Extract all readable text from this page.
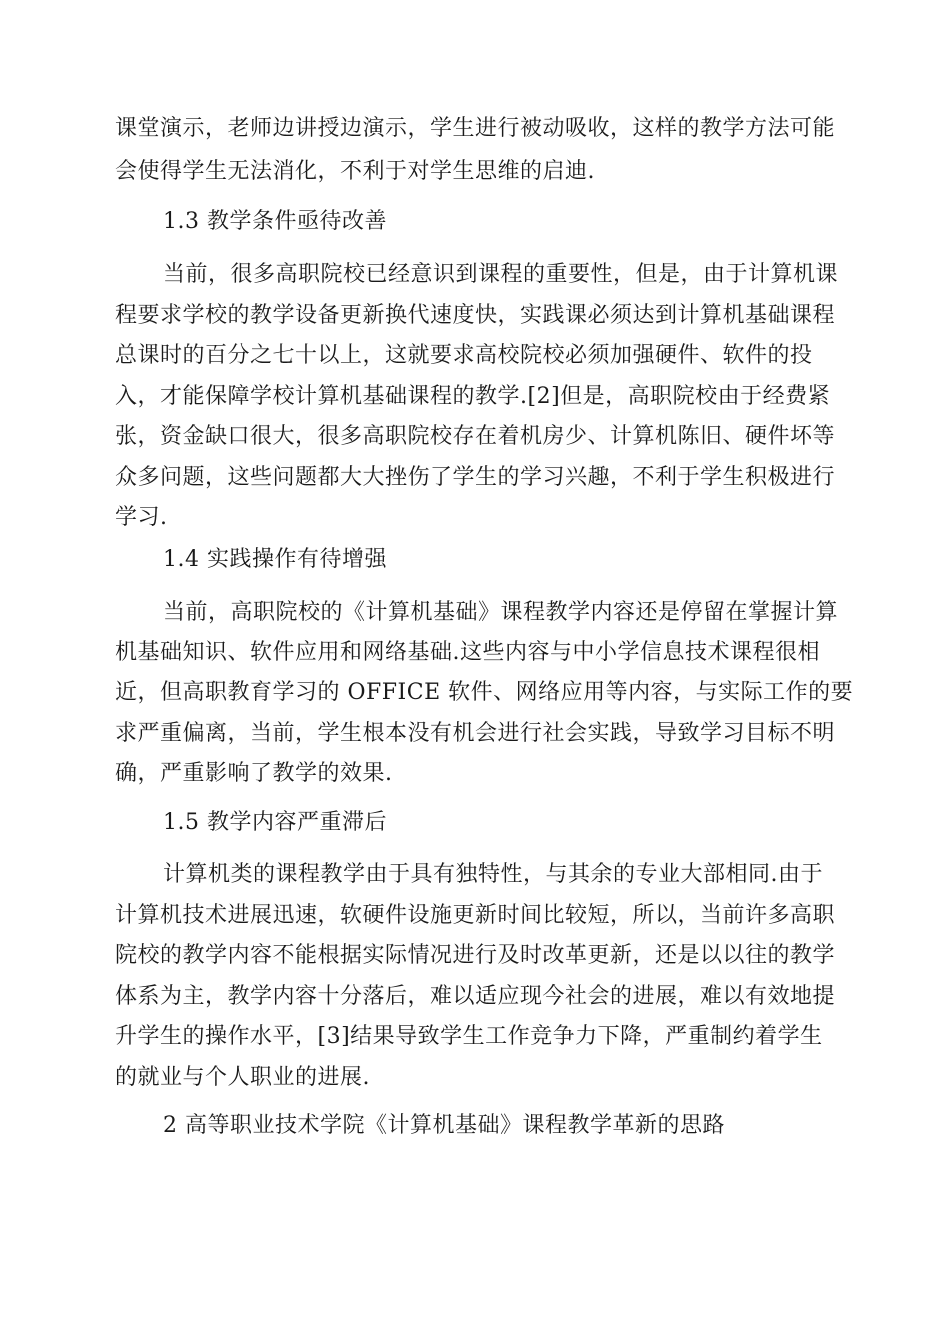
课堂演示，老师边讲授边演示，学生进行被动吸收，这样的教学方法可能
会使得学生无法消化，不利于对学生思维的启迪.
1.3 教学条件亟待改善
当前，很多高职院校已经意识到课程的重要性，但是，由于计算机课
程要求学校的教学设备更新换代速度快，实践课必须达到计算机基础课程
总课时的百分之七十以上，这就要求高校院校必须加强硬件、软件的投
入，才能保障学校计算机基础课程的教学.[2]但是，高职院校由于经费紧
张，资金缺口很大，很多高职院校存在着机房少、计算机陈旧、硬件坏等
众多问题，这些问题都大大挫伤了学生的学习兴趣，不利于学生积极进行
学习.
1.4 实践操作有待增强
当前，高职院校的《计算机基础》课程教学内容还是停留在掌握计算
机基础知识、软件应用和网络基础.这些内容与中小学信息技术课程很相
近，但高职教育学习的 OFFICE 软件、网络应用等内容，与实际工作的要
求严重偏离，当前，学生根本没有机会进行社会实践，导致学习目标不明
确，严重影响了教学的效果.
1.5 教学内容严重滞后
计算机类的课程教学由于具有独特性，与其余的专业大部相同.由于
计算机技术进展迅速，软硬件设施更新时间比较短，所以，当前许多高职
院校的教学内容不能根据实际情况进行及时改革更新，还是以以往的教学
体系为主，教学内容十分落后，难以适应现今社会的进展，难以有效地提
升学生的操作水平，[3]结果导致学生工作竞争力下降，严重制约着学生
的就业与个人职业的进展.
2 高等职业技术学院《计算机基础》课程教学革新的思路
